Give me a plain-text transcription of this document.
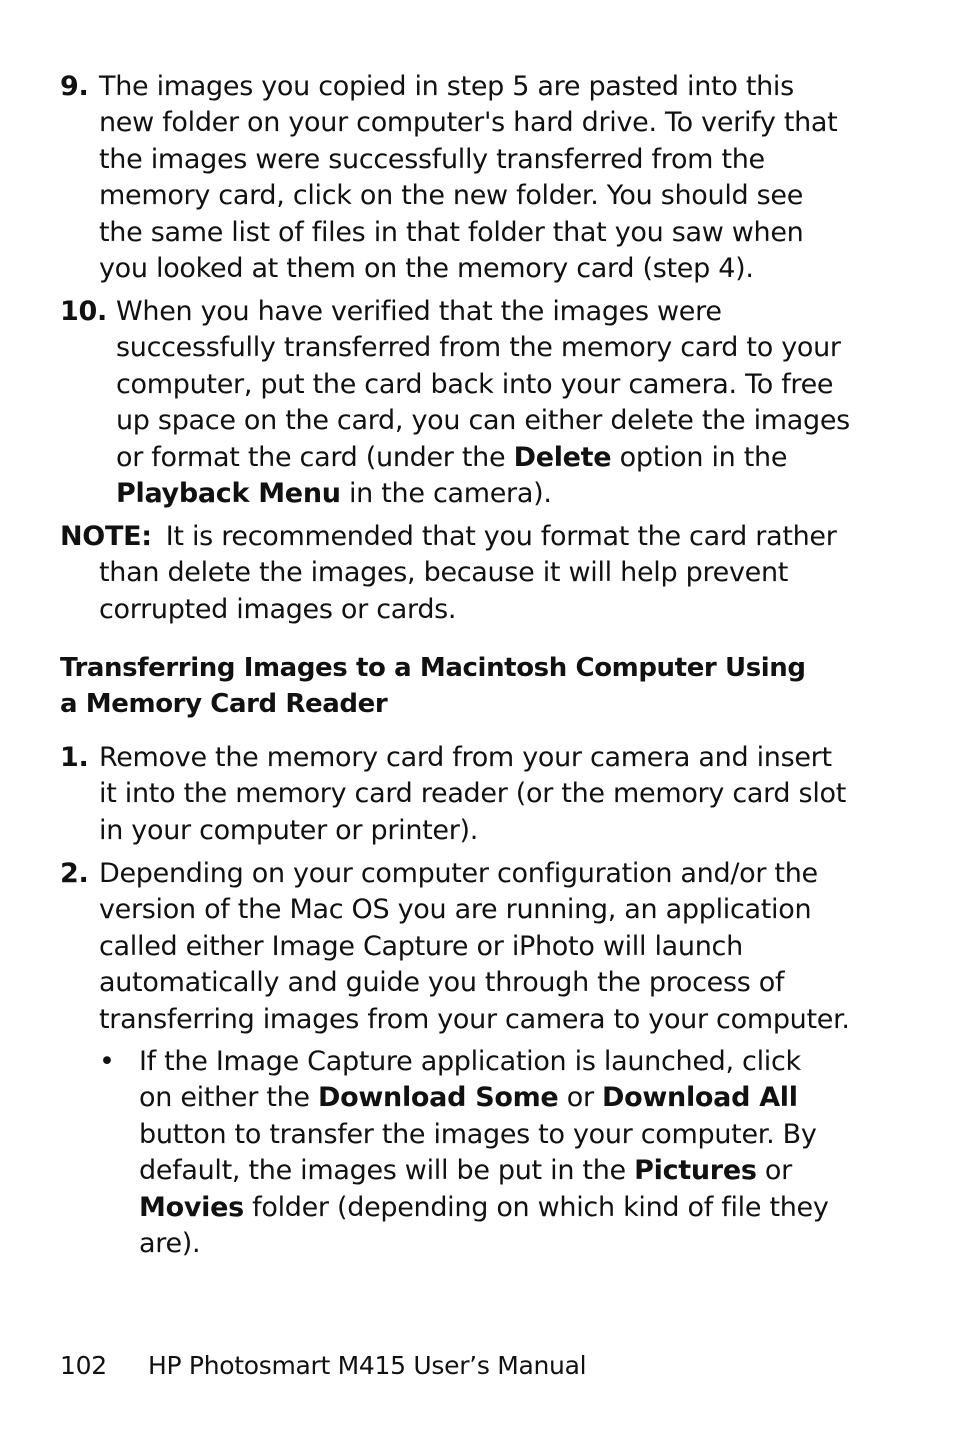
9. The images you copied in step 5 are pasted into this new folder on your computer's hard drive. To verify that the images were successfully transferred from the memory card, click on the new folder. You should see the same list of files in that folder that you saw when you looked at them on the memory card (step 4).
10. When you have verified that the images were successfully transferred from the memory card to your computer, put the card back into your camera. To free up space on the card, you can either delete the images or format the card (under the Delete option in the Playback Menu in the camera).
NOTE: It is recommended that you format the card rather
than delete the images, because it will help prevent corrupted images or cards.
Transferring Images to a Macintosh Computer Using a Memory Card Reader
1. Remove the memory card from your camera and insert it into the memory card reader (or the memory card slot in your computer or printer).
2. Depending on your computer configuration and/or the version of the Mac OS you are running, an application called either Image Capture or iPhoto will launch automatically and guide you through the process of transferring images from your camera to your computer.
• If the Image Capture application is launched, click on either the Download Some or Download All button to transfer the images to your computer. By default, the images will be put in the Pictures or Movies folder (depending on which kind of file they are).
102 HP Photosmart M415 User’s Manual
